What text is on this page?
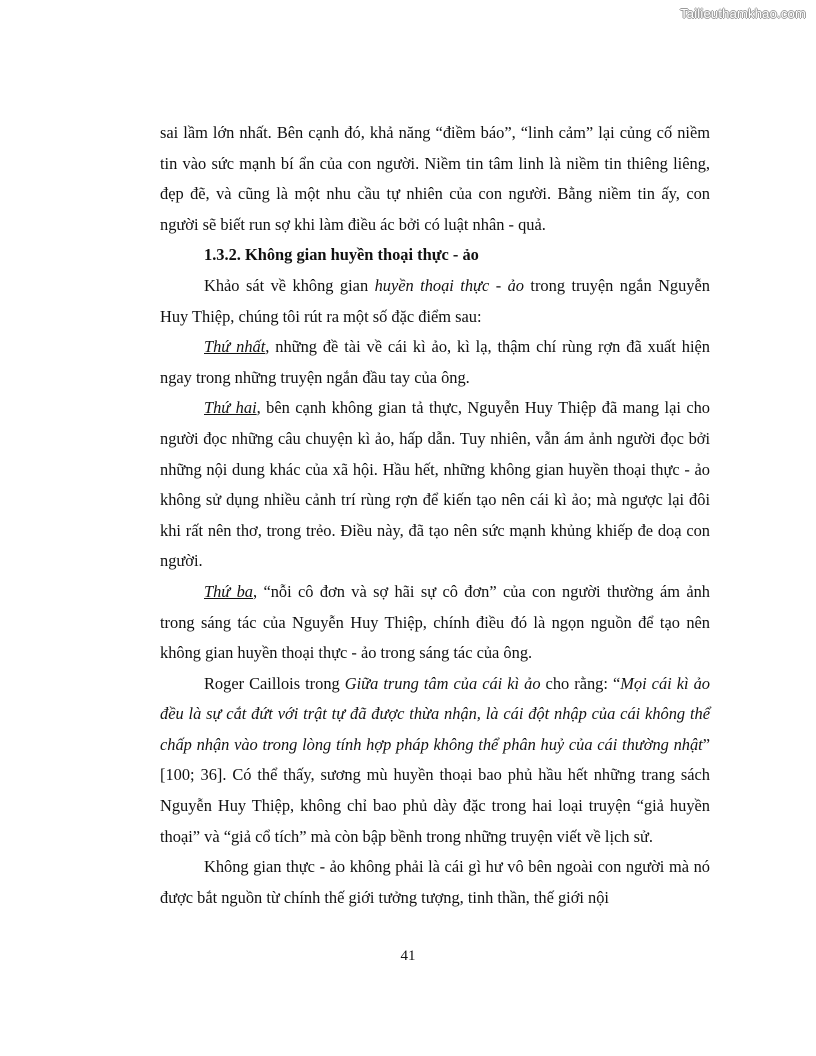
Tailieuthamkhao.com

sai lầm lớn nhất. Bên cạnh đó, khả năng “điềm báo”, “linh cảm” lại củng cố niềm tin vào sức mạnh bí ẩn của con người. Niềm tin tâm linh là niềm tin thiêng liêng, đẹp đẽ, và cũng là một nhu cầu tự nhiên của con người. Bằng niềm tin ấy, con người sẽ biết run sợ khi làm điều ác bởi có luật nhân - quả.

1.3.2. Không gian huyền thoại thực - ảo

Khảo sát về không gian huyền thoại thực - ảo trong truyện ngắn Nguyễn Huy Thiệp, chúng tôi rút ra một số đặc điểm sau:

Thứ nhất, những đề tài về cái kì ảo, kì lạ, thậm chí rùng rợn đã xuất hiện ngay trong những truyện ngắn đầu tay của ông.

Thứ hai, bên cạnh không gian tả thực, Nguyễn Huy Thiệp đã mang lại cho người đọc những câu chuyện kì ảo, hấp dẫn. Tuy nhiên, vẫn ám ảnh người đọc bởi những nội dung khác của xã hội. Hầu hết, những không gian huyền thoại thực - ảo không sử dụng nhiều cảnh trí rùng rợn để kiến tạo nên cái kì ảo; mà ngược lại đôi khi rất nên thơ, trong trẻo. Điều này, đã tạo nên sức mạnh khủng khiếp đe doạ con người.

Thứ ba, “nỗi cô đơn và sợ hãi sự cô đơn” của con người thường ám ảnh trong sáng tác của Nguyễn Huy Thiệp, chính điều đó là ngọn nguồn để tạo nên không gian huyền thoại thực - ảo trong sáng tác của ông.

Roger Caillois trong Giữa trung tâm của cái kì ảo cho rằng: “Mọi cái kì ảo đều là sự cắt đứt với trật tự đã được thừa nhận, là cái đột nhập của cái không thể chấp nhận vào trong lòng tính hợp pháp không thể phân huỷ của cái thường nhật” [100; 36]. Có thể thấy, sương mù huyền thoại bao phủ hầu hết những trang sách Nguyễn Huy Thiệp, không chỉ bao phủ dày đặc trong hai loại truyện “giả huyền thoại” và “giả cổ tích” mà còn bập bềnh trong những truyện viết về lịch sử.

Không gian thực - ảo không phải là cái gì hư vô bên ngoài con người mà nó được bắt nguồn từ chính thế giới tưởng tượng, tinh thần, thế giới nội

41
